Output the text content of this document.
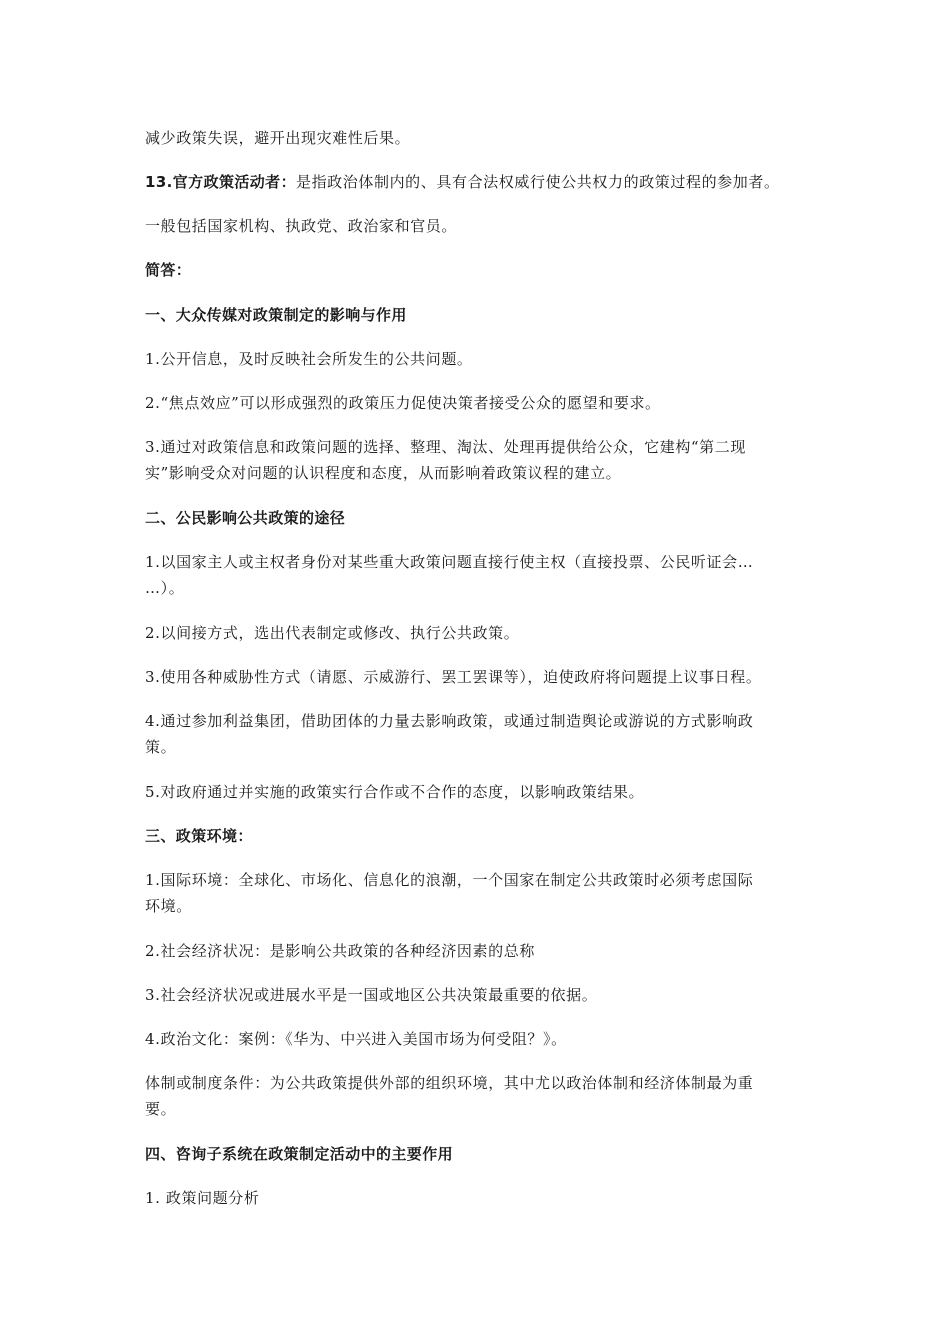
减少政策失误，避开出现灾难性后果。
13.官方政策活动者：是指政治体制内的、具有合法权威行使公共权力的政策过程的参加者。
一般包括国家机构、执政党、政治家和官员。
简答：
一、大众传媒对政策制定的影响与作用
1.公开信息，及时反映社会所发生的公共问题。
2.“焦点效应”可以形成强烈的政策压力促使决策者接受公众的愿望和要求。
3.通过对政策信息和政策问题的选择、整理、淘汰、处理再提供给公众，它建构“第二现
实”影响受众对问题的认识程度和态度，从而影响着政策议程的建立。
二、公民影响公共政策的途径
1.以国家主人或主权者身份对某些重大政策问题直接行使主权（直接投票、公民听证会…
…）。
2.以间接方式，选出代表制定或修改、执行公共政策。
3.使用各种威胁性方式（请愿、示威游行、罢工罢课等），迫使政府将问题提上议事日程。
4.通过参加利益集团，借助团体的力量去影响政策，或通过制造舆论或游说的方式影响政
策。
5.对政府通过并实施的政策实行合作或不合作的态度，以影响政策结果。
三、政策环境：
1.国际环境：全球化、市场化、信息化的浪潮，一个国家在制定公共政策时必须考虑国际
环境。
2.社会经济状况：是影响公共政策的各种经济因素的总称
3.社会经济状况或进展水平是一国或地区公共决策最重要的依据。
4.政治文化：案例：《华为、中兴进入美国市场为何受阻？》。
体制或制度条件：为公共政策提供外部的组织环境，其中尤以政治体制和经济体制最为重
要。
四、咨询子系统在政策制定活动中的主要作用
1. 政策问题分析
